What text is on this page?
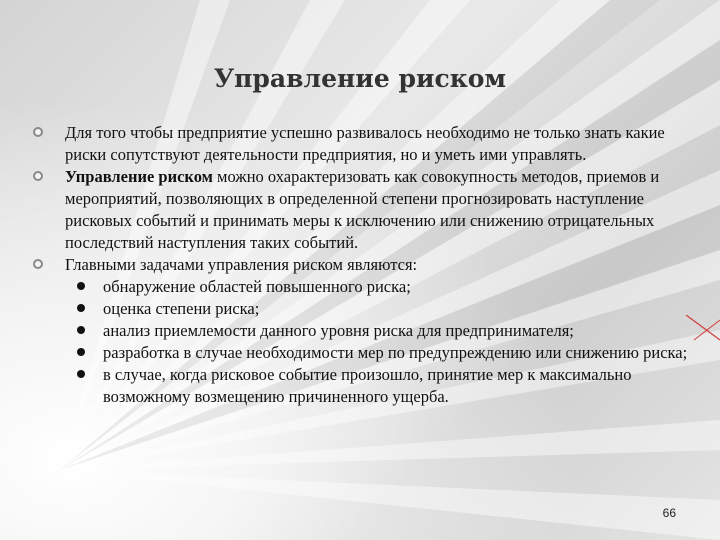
Управление риском
Для того чтобы предприятие успешно развивалось необходимо не только знать какие риски сопутствуют деятельности предприятия, но и уметь ими управлять.
Управление риском можно охарактеризовать как совокупность методов, приемов и мероприятий, позволяющих в определенной степени прогнозировать наступление рисковых событий и принимать меры к исключению или снижению отрицательных последствий наступления таких событий.
Главными задачами управления риском являются:
обнаружение областей повышенного риска;
оценка степени риска;
анализ приемлемости данного уровня риска для предпринимателя;
разработка в случае необходимости мер по предупреждению или снижению риска;
в случае, когда рисковое событие произошло, принятие мер к максимально возможному возмещению причиненного ущерба.
66
